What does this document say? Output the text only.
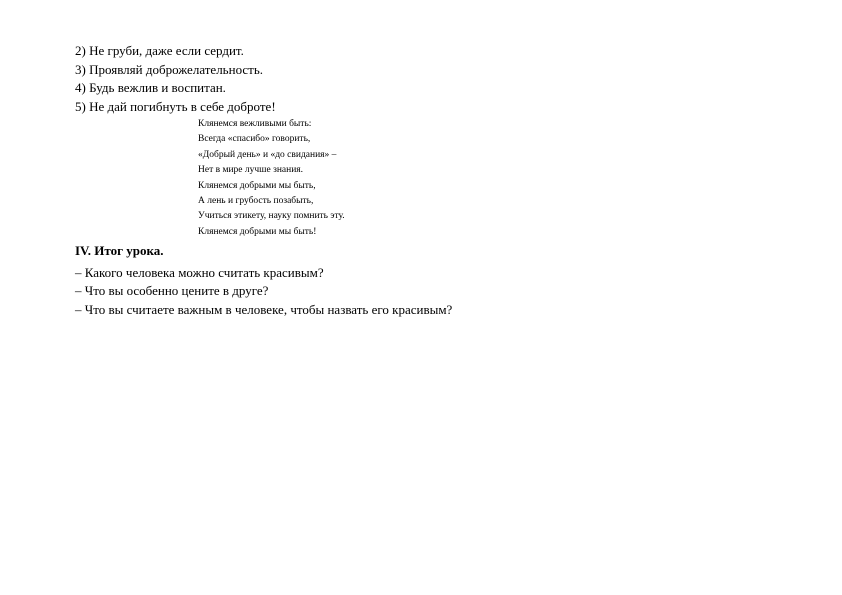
2) Не груби, даже если сердит.
3) Проявляй доброжелательность.
4) Будь вежлив и воспитан.
5) Не дай погибнуть в себе доброте!
Клянемся вежливыми быть:
Всегда «спасибо» говорить,
«Добрый день» и «до свидания» –
Нет в мире лучше знания.
Клянемся добрыми мы быть,
А лень и грубость позабыть,
Учиться этикету, науку помнить эту.
Клянемся добрыми мы быть!
IV. Итог урока.
– Какого человека можно считать красивым?
– Что вы особенно цените в друге?
– Что вы считаете важным в человеке, чтобы назвать его красивым?
